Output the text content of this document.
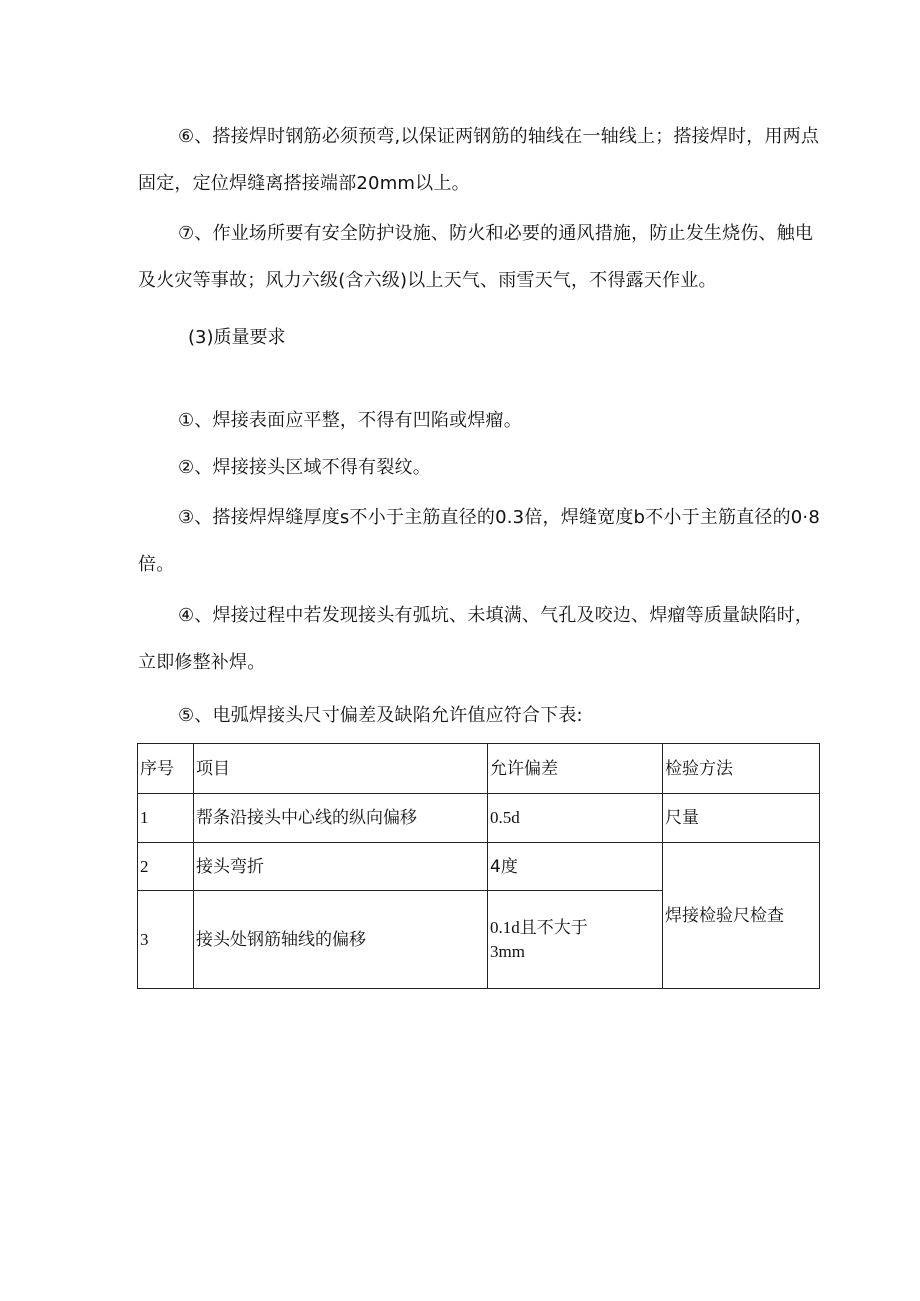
⑥、搭接焊时钢筋必须预弯,以保证两钢筋的轴线在一轴线上；搭接焊时，用两点固定，定位焊缝离搭接端部20mm以上。

⑦、作业场所要有安全防护设施、防火和必要的通风措施，防止发生烧伤、触电及火灾等事故；风力六级(含六级)以上天气、雨雪天气，不得露天作业。

(3)质量要求

①、焊接表面应平整，不得有凹陷或焊瘤。

②、焊接接头区域不得有裂纹。

③、搭接焊焊缝厚度s不小于主筋直径的0.3倍，焊缝宽度b不小于主筋直径的0·8倍。

④、焊接过程中若发现接头有弧坑、未填满、气孔及咬边、焊瘤等质量缺陷时，立即修整补焊。

⑤、电弧焊接头尺寸偏差及缺陷允许值应符合下表:

序号	项目	允许偏差	检验方法
1	帮条沿接头中心线的纵向偏移	0.5d	尺量
2	接头弯折	4度	焊接检验尺检查
3	接头处钢筋轴线的偏移	0.1d且不大于
3mm	
